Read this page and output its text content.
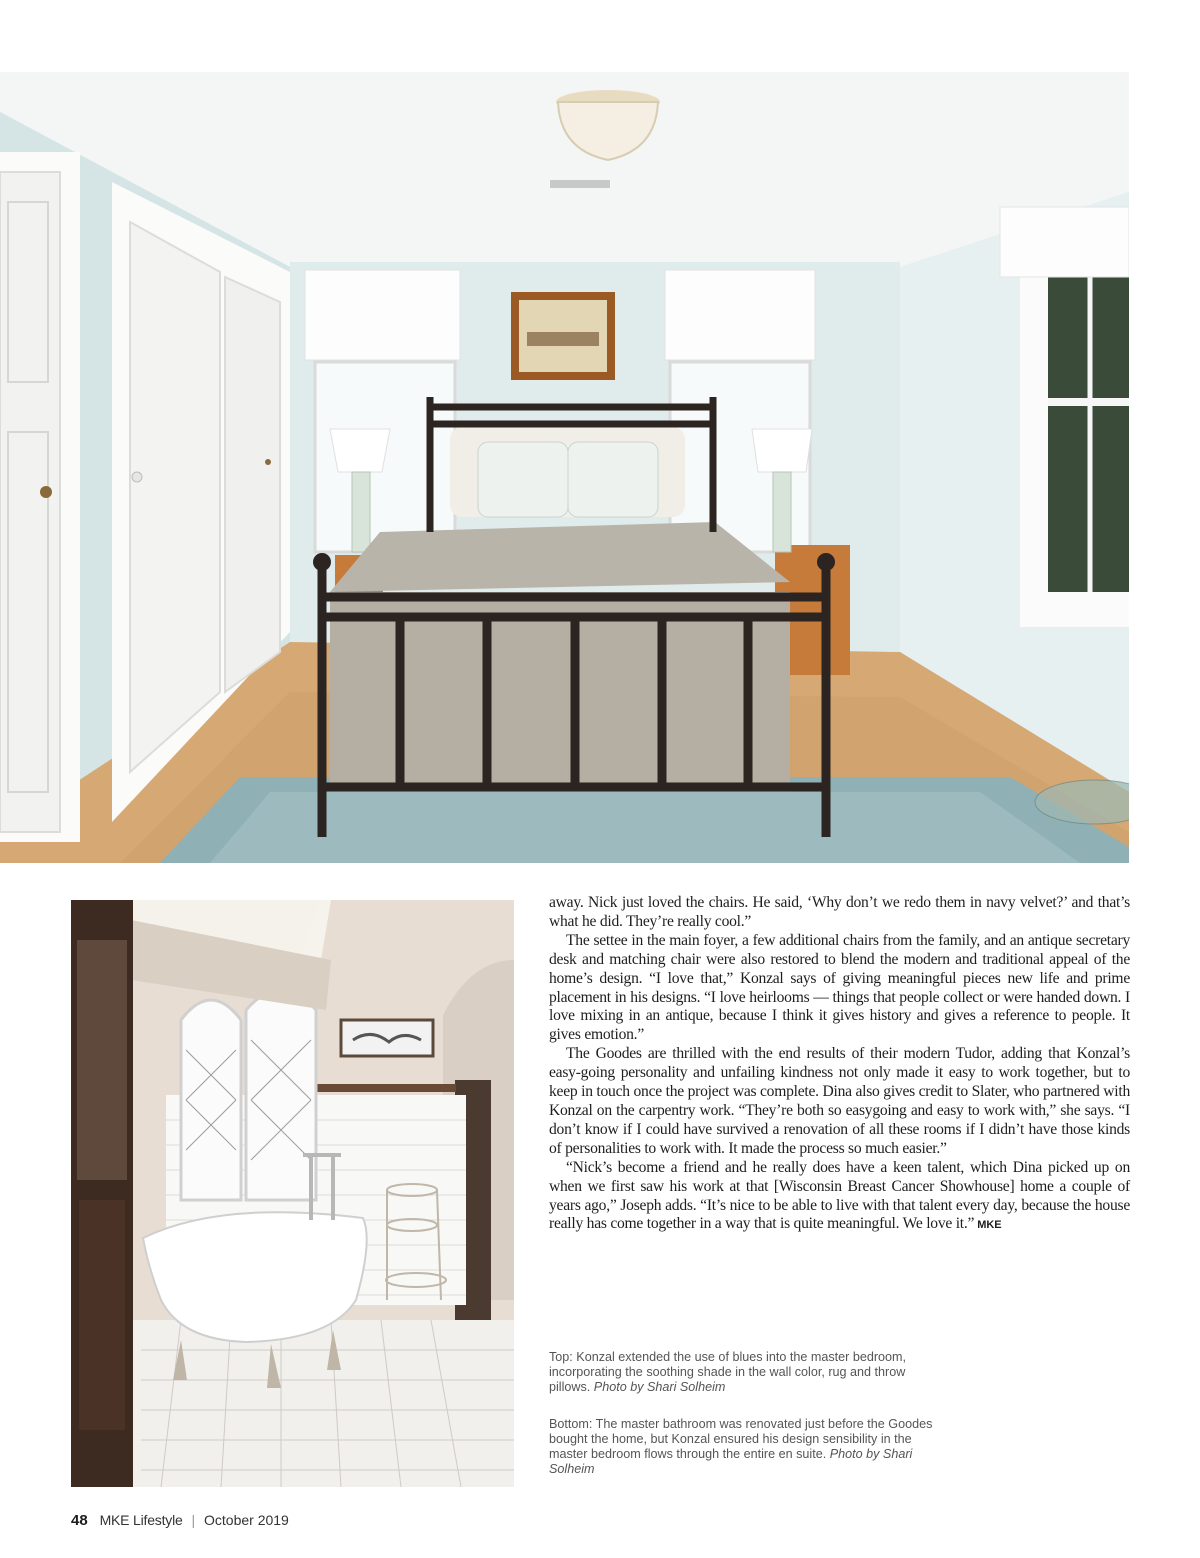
away. Nick just loved the chairs. He said, ‘Why don’t we redo them in navy velvet?’ and that’s what he did. They’re really cool.”

The settee in the main foyer, a few additional chairs from the family, and an antique secretary desk and matching chair were also restored to blend the modern and traditional appeal of the home’s design. “I love that,” Konzal says of giving meaningful pieces new life and prime placement in his designs. “I love heirlooms — things that people collect or were handed down. I love mixing in an antique, because I think it gives history and gives a reference to people. It gives emotion.”

The Goodes are thrilled with the end results of their modern Tudor, adding that Konzal’s easy-going personality and unfailing kindness not only made it easy to work together, but to keep in touch once the project was complete. Dina also gives credit to Slater, who partnered with Konzal on the carpentry work. “They’re both so easygoing and easy to work with,” she says. “I don’t know if I could have survived a renovation of all these rooms if I didn’t have those kinds of personalities to work with. It made the process so much easier.”

“Nick’s become a friend and he really does have a keen talent, which Dina picked up on when we first saw his work at that [Wisconsin Breast Cancer Showhouse] home a couple of years ago,” Joseph adds. “It’s nice to be able to live with that talent every day, because the house really has come together in a way that is quite meaningful. We love it.” MKE

Top: Konzal extended the use of blues into the master bedroom, incorporating the soothing shade in the wall color, rug and throw pillows. Photo by Shari Solheim

Bottom: The master bathroom was renovated just before the Goodes bought the home, but Konzal ensured his design sensibility in the master bedroom flows through the entire en suite. Photo by Shari Solheim

48 MKE Lifestyle | October 2019
